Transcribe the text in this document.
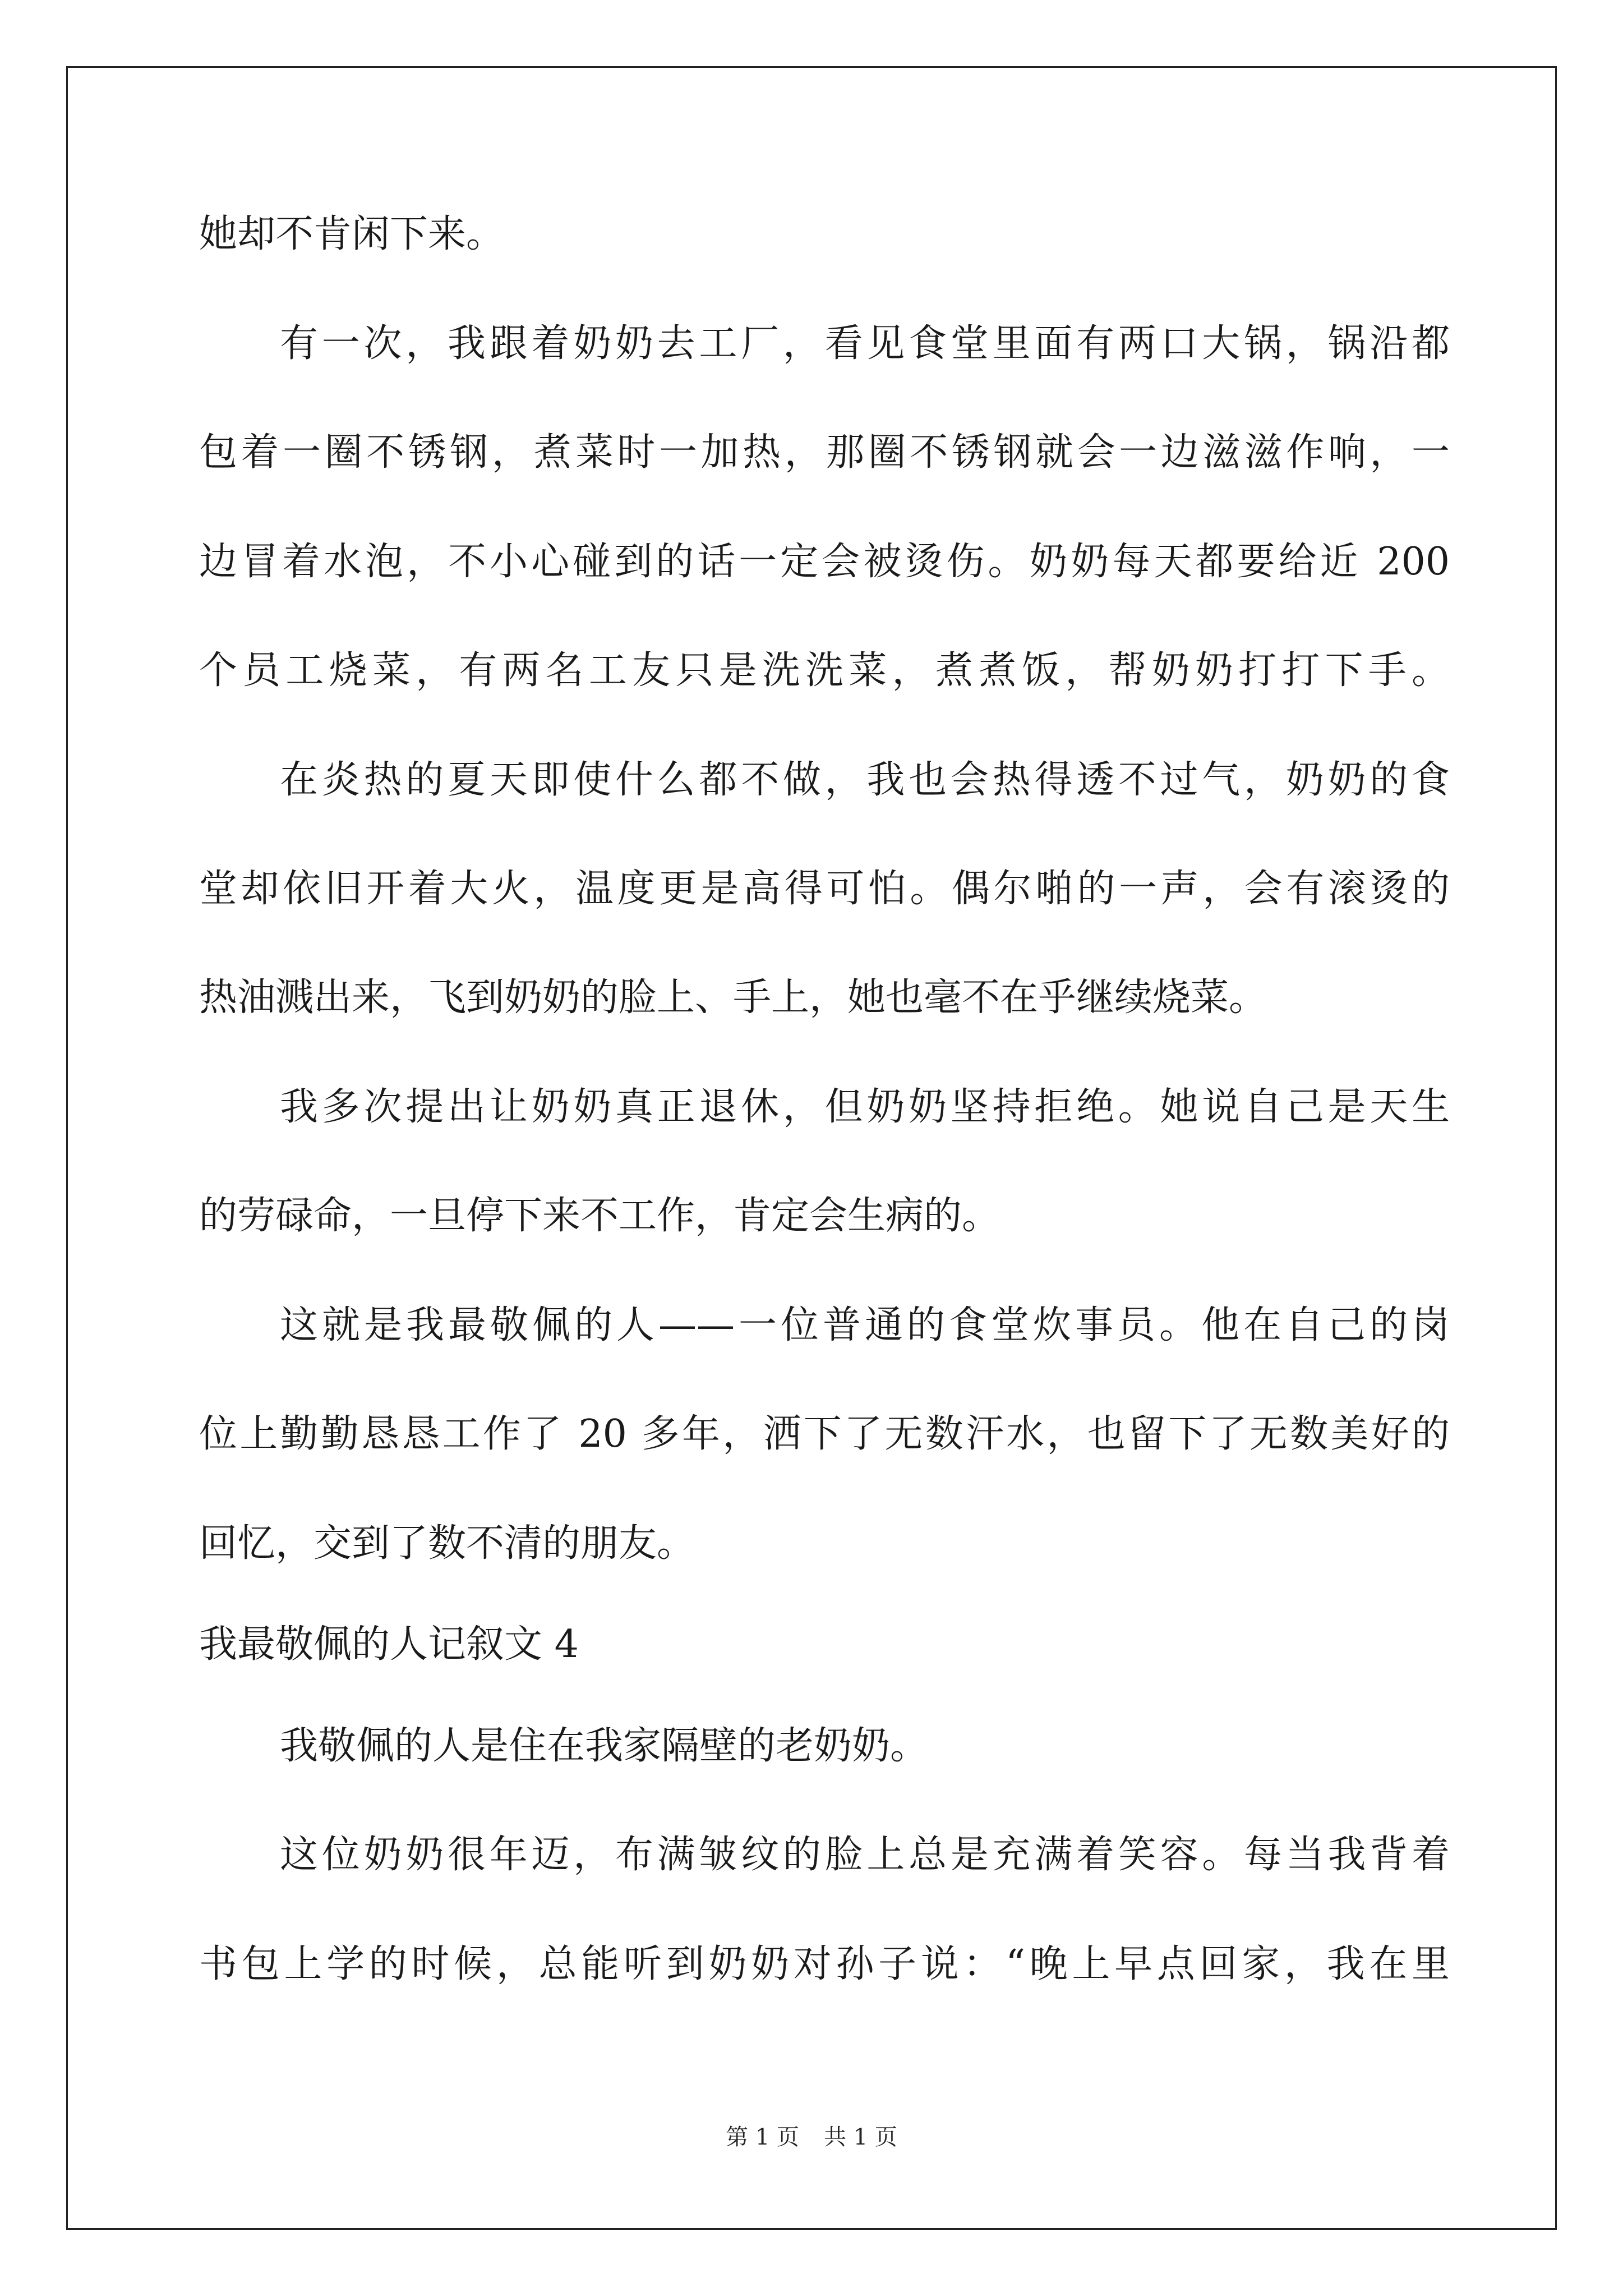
她却不肯闲下来。
有一次，我跟着奶奶去工厂，看见食堂里面有两口大锅，锅沿都
包着一圈不锈钢，煮菜时一加热，那圈不锈钢就会一边滋滋作响，一
边冒着水泡，不小心碰到的话一定会被烫伤。奶奶每天都要给近 200
个员工烧菜，有两名工友只是洗洗菜，煮煮饭，帮奶奶打打下手。
在炎热的夏天即使什么都不做，我也会热得透不过气，奶奶的食
堂却依旧开着大火，温度更是高得可怕。偶尔啪的一声，会有滚烫的
热油溅出来，飞到奶奶的脸上、手上，她也毫不在乎继续烧菜。
我多次提出让奶奶真正退休，但奶奶坚持拒绝。她说自己是天生
的劳碌命，一旦停下来不工作，肯定会生病的。
这就是我最敬佩的人——一位普通的食堂炊事员。他在自己的岗
位上勤勤恳恳工作了 20 多年，洒下了无数汗水，也留下了无数美好的
回忆，交到了数不清的朋友。
我最敬佩的人记叙文 4
我敬佩的人是住在我家隔壁的老奶奶。
这位奶奶很年迈，布满皱纹的脸上总是充满着笑容。每当我背着
书包上学的时候，总能听到奶奶对孙子说：“晚上早点回家，我在里
第 1 页 共 1 页
